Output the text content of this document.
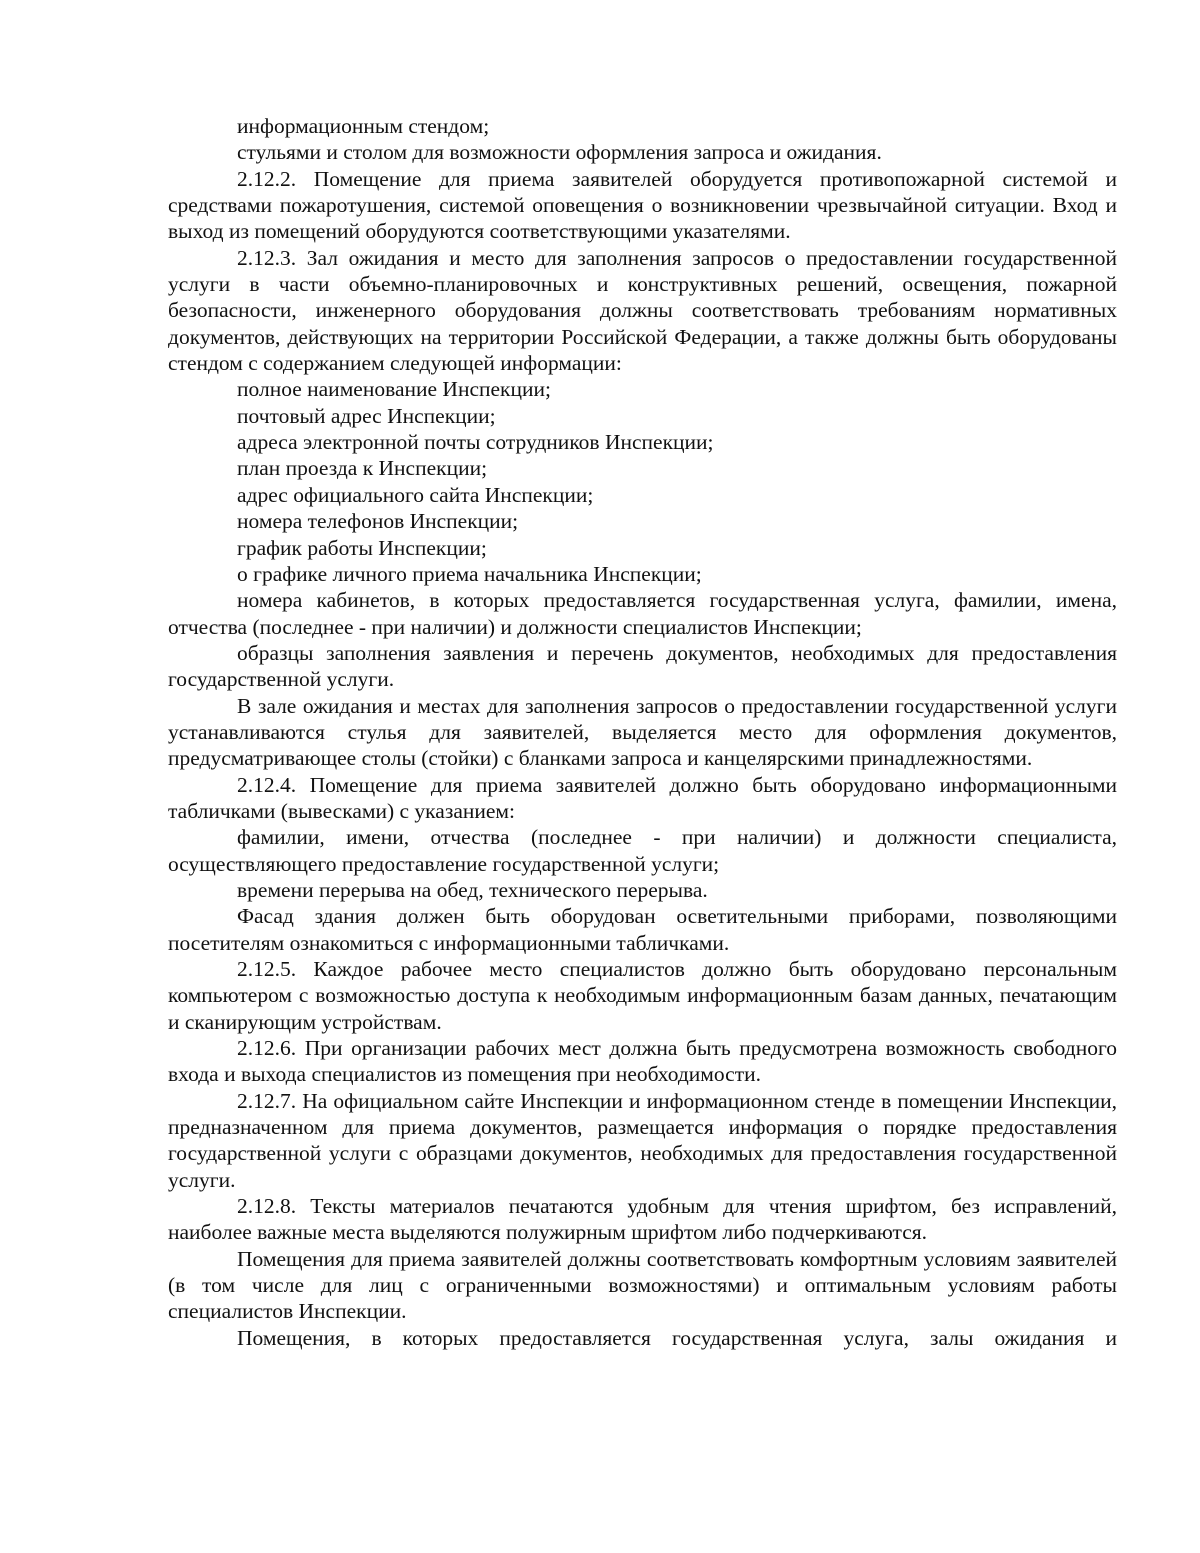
информационным стендом;

стульями и столом для возможности оформления запроса и ожидания.

2.12.2. Помещение для приема заявителей оборудуется противопожарной системой и средствами пожаротушения, системой оповещения о возникновении чрезвычайной ситуации. Вход и выход из помещений оборудуются соответствующими указателями.

2.12.3. Зал ожидания и место для заполнения запросов о предоставлении государственной услуги в части объемно-планировочных и конструктивных решений, освещения, пожарной безопасности, инженерного оборудования должны соответствовать требованиям нормативных документов, действующих на территории Российской Федерации, а также должны быть оборудованы стендом с содержанием следующей информации:

полное наименование Инспекции;

почтовый адрес Инспекции;

адреса электронной почты сотрудников Инспекции;

план проезда к Инспекции;

адрес официального сайта Инспекции;

номера телефонов Инспекции;

график работы Инспекции;

о графике личного приема начальника Инспекции;

номера кабинетов, в которых предоставляется государственная услуга, фамилии, имена, отчества (последнее - при наличии) и должности специалистов Инспекции;

образцы заполнения заявления и перечень документов, необходимых для предоставления государственной услуги.

В зале ожидания и местах для заполнения запросов о предоставлении государственной услуги устанавливаются стулья для заявителей, выделяется место для оформления документов, предусматривающее столы (стойки) с бланками запроса и канцелярскими принадлежностями.

2.12.4. Помещение для приема заявителей должно быть оборудовано информационными табличками (вывесками) с указанием:

фамилии, имени, отчества (последнее - при наличии) и должности специалиста, осуществляющего предоставление государственной услуги;

времени перерыва на обед, технического перерыва.

Фасад здания должен быть оборудован осветительными приборами, позволяющими посетителям ознакомиться с информационными табличками.

2.12.5. Каждое рабочее место специалистов должно быть оборудовано персональным компьютером с возможностью доступа к необходимым информационным базам данных, печатающим и сканирующим устройствам.

2.12.6. При организации рабочих мест должна быть предусмотрена возможность свободного входа и выхода специалистов из помещения при необходимости.

2.12.7. На официальном сайте Инспекции и информационном стенде в помещении Инспекции, предназначенном для приема документов, размещается информация о порядке предоставления государственной услуги с образцами документов, необходимых для предоставления государственной услуги.

2.12.8. Тексты материалов печатаются удобным для чтения шрифтом, без исправлений, наиболее важные места выделяются полужирным шрифтом либо подчеркиваются.

Помещения для приема заявителей должны соответствовать комфортным условиям заявителей (в том числе для лиц с ограниченными возможностями) и оптимальным условиям работы специалистов Инспекции.

Помещения, в которых предоставляется государственная услуга, залы ожидания и
